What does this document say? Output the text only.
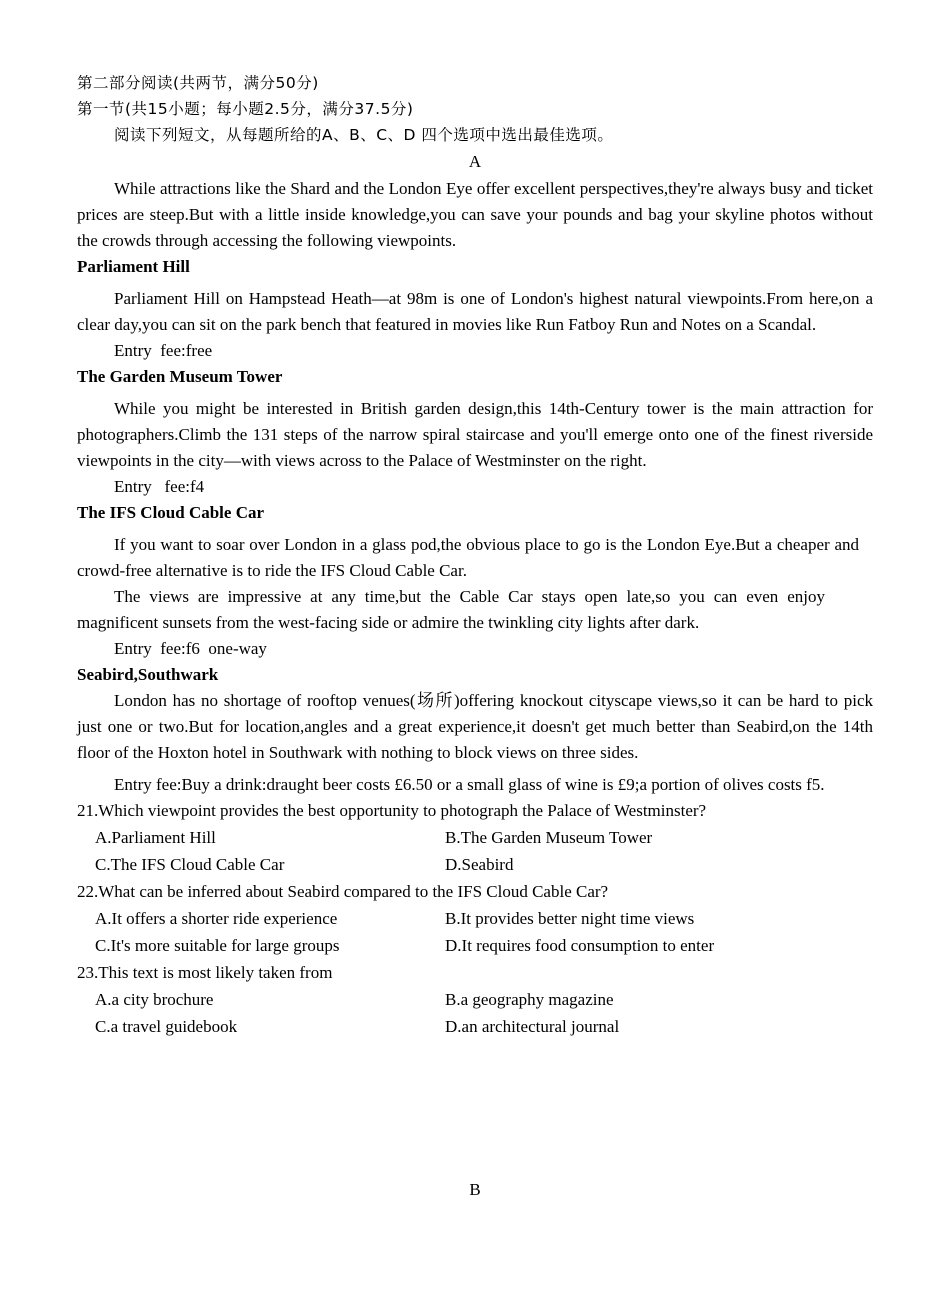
第二部分阅读(共两节，满分50分)
第一节(共15小题；每小题2.5分，满分37.5分)
阅读下列短文，从每题所给的A、B、C、D 四个选项中选出最佳选项。
A

While attractions like the Shard and the London Eye offer excellent perspectives,they're always busy and ticket prices are steep.But with a little inside knowledge,you can save your pounds and bag your skyline photos without the crowds through accessing the following viewpoints.

Parliament Hill

Parliament Hill on Hampstead Heath—at 98m is one of London's highest natural viewpoints.From here,on a clear day,you can sit on the park bench that featured in movies like Run Fatboy Run and Notes on a Scandal.

Entry  fee:free

The Garden Museum Tower

While you might be interested in British garden design,this 14th-Century tower is the main attraction for photographers.Climb the 131 steps of the narrow spiral staircase and you'll emerge onto one of the finest riverside viewpoints in the city—with views across to the Palace of Westminster on the right.

Entry   fee:f4

The IFS Cloud Cable Car

If you want to soar over London in a glass pod,the obvious place to go is the London Eye.But a cheaper and crowd-free alternative is to ride the IFS Cloud Cable Car.

The views are impressive at any time,but the Cable Car stays open late,so you can even enjoy magnificent sunsets from the west-facing side or admire the twinkling city lights after dark.

Entry  fee:f6  one-way

Seabird,Southwark

London has no shortage of rooftop venues(场所)offering knockout cityscape views,so it can be hard to pick just one or two.But for location,angles and a great experience,it doesn't get much better than Seabird,on the 14th floor of the Hoxton hotel in Southwark with nothing to block views on three sides.

Entry fee:Buy a drink:draught beer costs £6.50 or a small glass of wine is £9;a portion of olives costs f5.

21.Which viewpoint provides the best opportunity to photograph the Palace of Westminster?

A.Parliament Hill	B.The Garden Museum Tower
C.The IFS Cloud Cable Car	D.Seabird

22.What can be inferred about Seabird compared to the IFS Cloud Cable Car?

A.It offers a shorter ride experience	B.It provides better night time views
C.It's more suitable for large groups	D.It requires food consumption to enter

23.This text is most likely taken from

A.a city brochure	B.a geography magazine
C.a travel guidebook	D.an architectural journal
B
